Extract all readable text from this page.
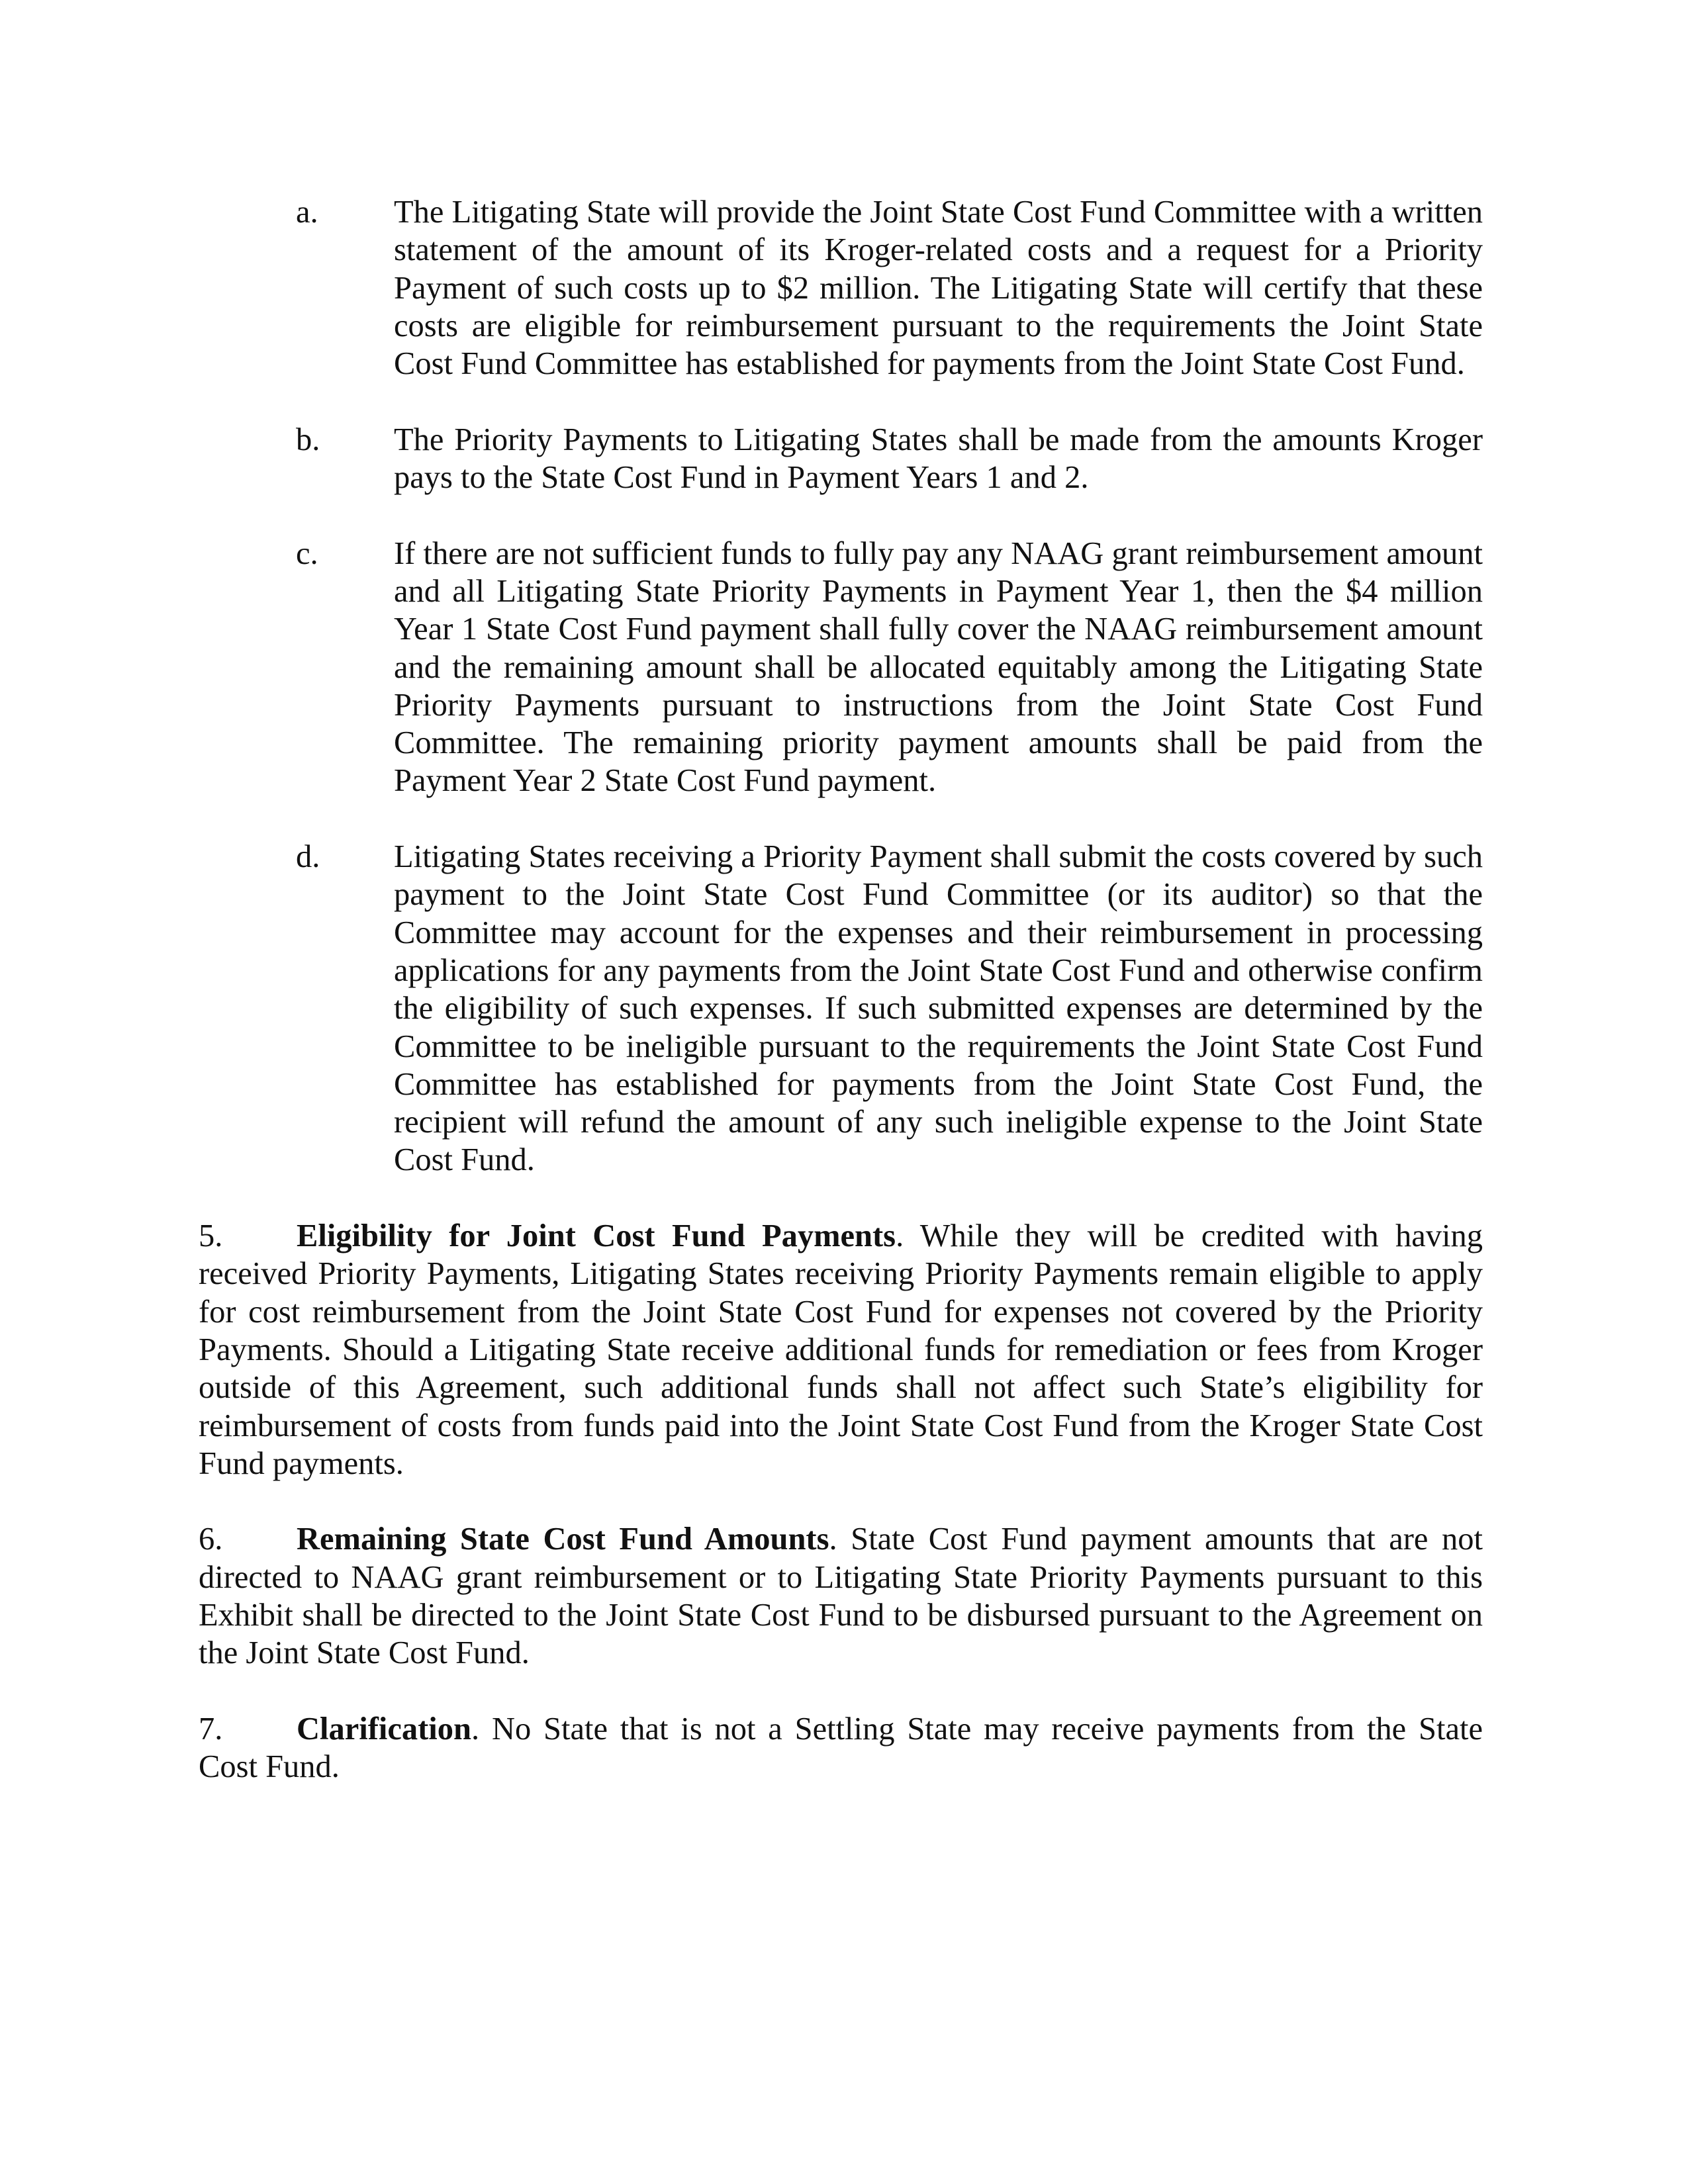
a. The Litigating State will provide the Joint State Cost Fund Committee with a written statement of the amount of its Kroger-related costs and a request for a Priority Payment of such costs up to $2 million. The Litigating State will certify that these costs are eligible for reimbursement pursuant to the requirements the Joint State Cost Fund Committee has established for payments from the Joint State Cost Fund.
b. The Priority Payments to Litigating States shall be made from the amounts Kroger pays to the State Cost Fund in Payment Years 1 and 2.
c. If there are not sufficient funds to fully pay any NAAG grant reimbursement amount and all Litigating State Priority Payments in Payment Year 1, then the $4 million Year 1 State Cost Fund payment shall fully cover the NAAG reimbursement amount and the remaining amount shall be allocated equitably among the Litigating State Priority Payments pursuant to instructions from the Joint State Cost Fund Committee. The remaining priority payment amounts shall be paid from the Payment Year 2 State Cost Fund payment.
d. Litigating States receiving a Priority Payment shall submit the costs covered by such payment to the Joint State Cost Fund Committee (or its auditor) so that the Committee may account for the expenses and their reimbursement in processing applications for any payments from the Joint State Cost Fund and otherwise confirm the eligibility of such expenses. If such submitted expenses are determined by the Committee to be ineligible pursuant to the requirements the Joint State Cost Fund Committee has established for payments from the Joint State Cost Fund, the recipient will refund the amount of any such ineligible expense to the Joint State Cost Fund.

5. Eligibility for Joint Cost Fund Payments. While they will be credited with having received Priority Payments, Litigating States receiving Priority Payments remain eligible to apply for cost reimbursement from the Joint State Cost Fund for expenses not covered by the Priority Payments. Should a Litigating State receive additional funds for remediation or fees from Kroger outside of this Agreement, such additional funds shall not affect such State’s eligibility for reimbursement of costs from funds paid into the Joint State Cost Fund from the Kroger State Cost Fund payments.

6. Remaining State Cost Fund Amounts. State Cost Fund payment amounts that are not directed to NAAG grant reimbursement or to Litigating State Priority Payments pursuant to this Exhibit shall be directed to the Joint State Cost Fund to be disbursed pursuant to the Agreement on the Joint State Cost Fund.

7. Clarification. No State that is not a Settling State may receive payments from the State Cost Fund.
